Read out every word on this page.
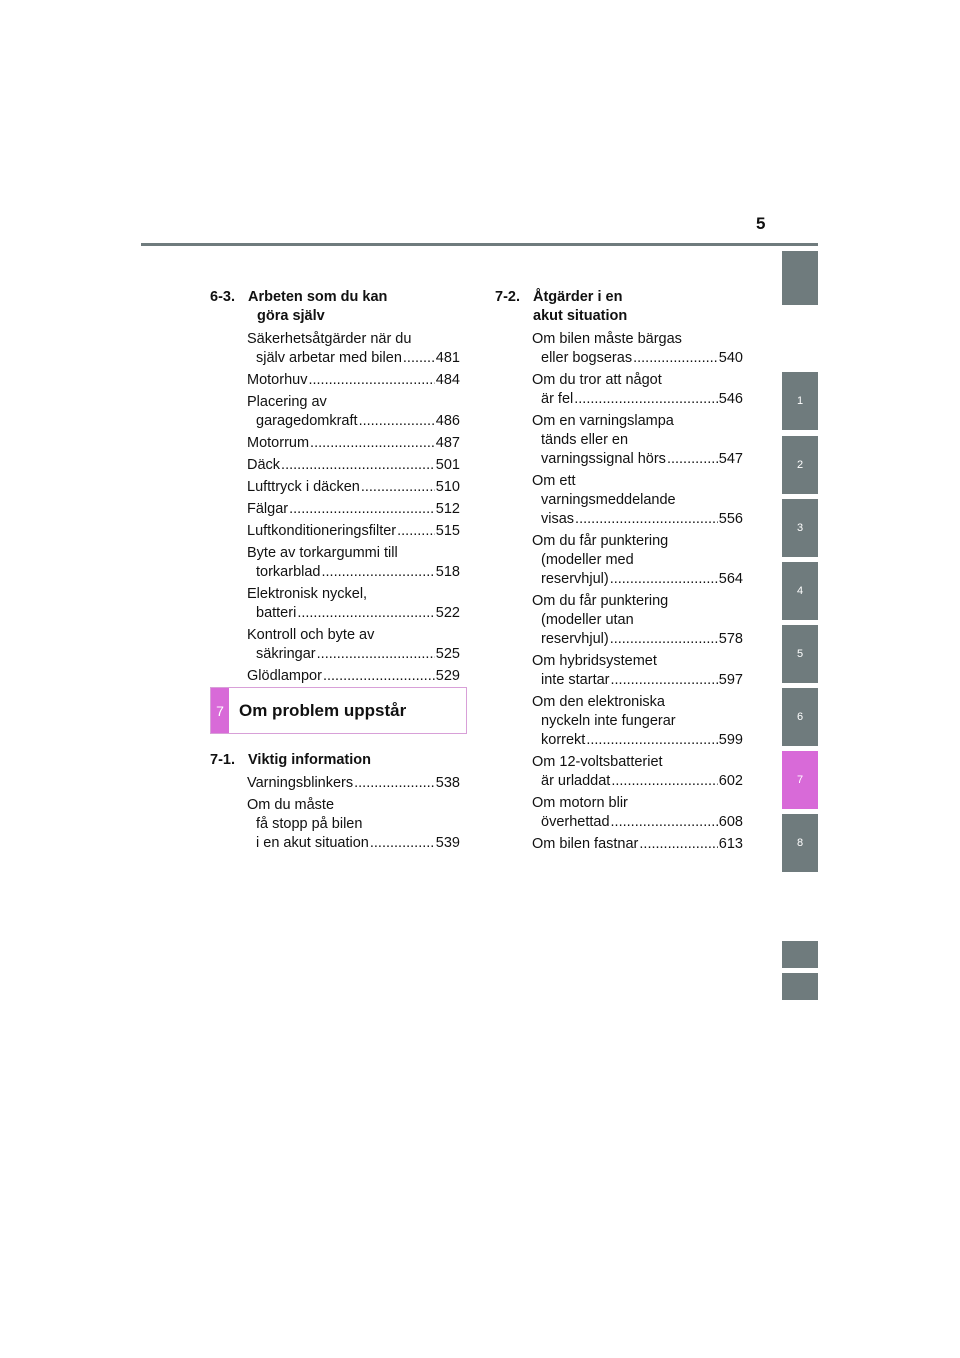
5
1
2
3
4
5
6
7
8
6-3. Arbeten som du kan
göra själv
Säkerhetsåtgärder när du
själv arbetar med bilen ..... 481
Motorhuv .....	484
Placering av
garagedomkraft .....	486
Motorrum .....	487
Däck .....	501
Lufttryck i däcken .....	510
Fälgar .....	512
Luftkonditioneringsfilter .....	515
Byte av torkargummi till
torkarblad .....	518
Elektronisk nyckel,
batteri .....	522
Kontroll och byte av
säkringar .....	525
Glödlampor .....	529
7 Om problem uppstår
7-1. Viktig information
Varningsblinkers .....	538
Om du måste
få stopp på bilen
i en akut situation .....	539
7-2. Åtgärder i en
akut situation
Om bilen måste bärgas
eller bogseras .....	540
Om du tror att något
är fel .....	546
Om en varningslampa
tänds eller en
varningssignal hörs .....	547
Om ett
varningsmeddelande
visas .....	556
Om du får punktering
(modeller med
reservhjul) .....	564
Om du får punktering
(modeller utan
reservhjul) .....	578
Om hybridsystemet
inte startar .....	597
Om den elektroniska
nyckeln inte fungerar
korrekt .....	599
Om 12-voltsbatteriet
är urladdat .....	602
Om motorn blir
överhettad .....	608
Om bilen fastnar .....	613
